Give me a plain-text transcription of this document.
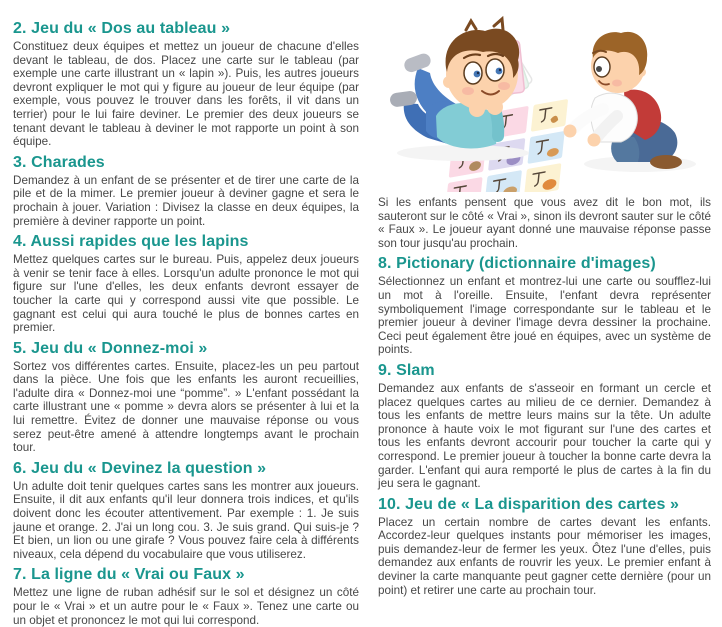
2. Jeu du « Dos au tableau »

Constituez deux équipes et mettez un joueur de chacune d'elles devant le tableau, de dos. Placez une carte sur le tableau (par exemple une carte illustrant un « lapin »). Puis, les autres joueurs devront expliquer le mot qui y figure au joueur de leur équipe (par exemple, vous pouvez le trouver dans les forêts, il vit dans un terrier) pour le lui faire deviner. Le premier des deux joueurs se tenant devant le tableau à deviner le mot rapporte un point à son équipe.

3. Charades

Demandez à un enfant de se présenter et de tirer une carte de la pile et de la mimer. Le premier joueur à deviner gagne et sera le prochain à jouer. Variation : Divisez la classe en deux équipes, la première à deviner rapporte un point.

4. Aussi rapides que les lapins

Mettez quelques cartes sur le bureau. Puis, appelez deux joueurs à venir se tenir face à elles. Lorsqu'un adulte prononce le mot qui figure sur l'une d'elles, les deux enfants devront essayer de toucher la carte qui y correspond aussi vite que possible. Le gagnant est celui qui aura touché le plus de bonnes cartes en premier.

5. Jeu du « Donnez-moi »

Sortez vos différentes cartes. Ensuite, placez-les un peu partout dans la pièce. Une fois que les enfants les auront recueillies, l'adulte dira « Donnez-moi une “pomme”. » L'enfant possédant la carte illustrant une « pomme » devra alors se présenter à lui et la lui remettre. Évitez de donner une mauvaise réponse ou vous serez peut-être amené à attendre longtemps avant le prochain tour.

6. Jeu du « Devinez la question »

Un adulte doit tenir quelques cartes sans les montrer aux joueurs. Ensuite, il dit aux enfants qu'il leur donnera trois indices, et qu'ils doivent donc les écouter attentivement. Par exemple : 1. Je suis jaune et orange. 2. J'ai un long cou. 3. Je suis grand. Qui suis-je ? Et bien, un lion ou une girafe ? Vous pouvez faire cela à différents niveaux, cela dépend du vocabulaire que vous utiliserez.

7. La ligne du « Vrai ou Faux »

Mettez une ligne de ruban adhésif sur le sol et désignez un côté pour le « Vrai » et un autre pour le « Faux ». Tenez une carte ou un objet et prononcez le mot qui lui correspond.

Si les enfants pensent que vous avez dit le bon mot, ils sauteront sur le côté « Vrai », sinon ils devront sauter sur le côté « Faux ». Le joueur ayant donné une mauvaise réponse passe son tour jusqu'au prochain.

8. Pictionary (dictionnaire d'images)

Sélectionnez un enfant et montrez-lui une carte ou soufflez-lui un mot à l'oreille. Ensuite, l'enfant devra représenter symboliquement l'image correspondante sur le tableau et le premier joueur à deviner l'image devra dessiner la prochaine. Ceci peut également être joué en équipes, avec un système de points.

9. Slam

Demandez aux enfants de s'asseoir en formant un cercle et placez quelques cartes au milieu de ce dernier. Demandez à tous les enfants de mettre leurs mains sur la tête. Un adulte prononce à haute voix le mot figurant sur l'une des cartes et tous les enfants devront accourir pour toucher la carte qui y correspond. Le premier joueur à toucher la bonne carte devra la garder. L'enfant qui aura remporté le plus de cartes à la fin du jeu sera le gagnant.

10. Jeu de « La disparition des cartes »

Placez un certain nombre de cartes devant les enfants. Accordez-leur quelques instants pour mémoriser les images, puis demandez-leur de fermer les yeux. Ôtez l'une d'elles, puis demandez aux enfants de rouvrir les yeux. Le premier enfant à deviner la carte manquante peut gagner cette dernière (pour un point) et retirer une carte au prochain tour.
